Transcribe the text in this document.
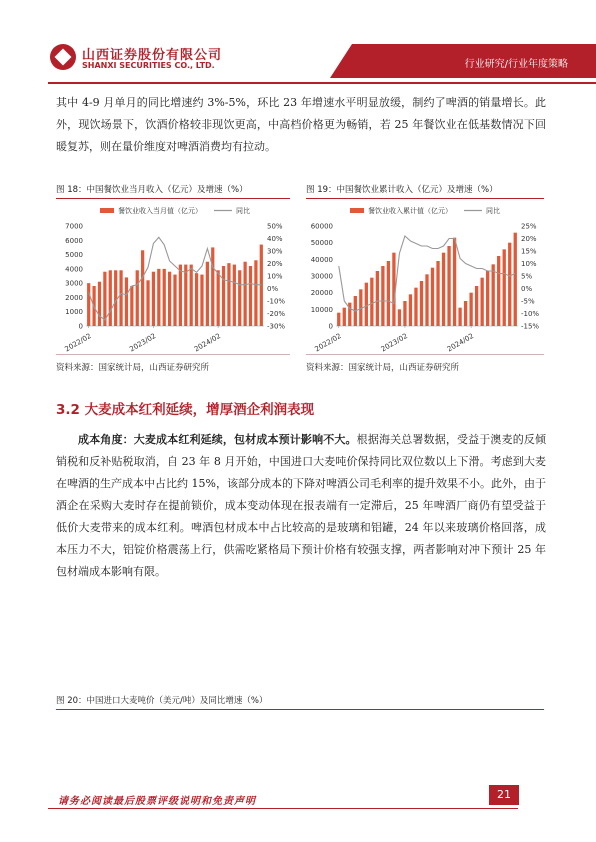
山西证券股份有限公司
SHANXI SECURITIES CO., LTD.	行业研究/行业年度策略
其中 4-9 月单月的同比增速约 3%-5%，环比 23 年增速水平明显放缓，制约了啤酒的销量增长。此外，现饮场景下，饮酒价格较非现饮更高，中高档价格更为畅销，若 25 年餐饮业在低基数情况下回暖复苏，则在量价维度对啤酒消费均有拉动。
图 18：中国餐饮业当月收入（亿元）及增速（%）
餐饮业收入当月值（亿元）	同比
0
1000
2000
3000
4000
5000
6000
7000
-30%
-20%
-10%
0%
10%
20%
30%
40%
50%
2022/02	2023/02	2024/02
资料来源：国家统计局，山西证券研究所
图 19：中国餐饮业累计收入（亿元）及增速（%）
餐饮业收入累计值（亿元）	同比
0
10000
20000
30000
40000
50000
60000
-15%
-10%
-5%
0%
5%
10%
15%
20%
25%
2022/02	2023/02	2024/02
资料来源：国家统计局，山西证券研究所
3.2 大麦成本红利延续，增厚酒企利润表现
成本角度：大麦成本红利延续，包材成本预计影响不大。根据海关总署数据，受益于澳麦的反倾销税和反补贴税取消，自 23 年 8 月开始，中国进口大麦吨价保持同比双位数以上下滑。考虑到大麦在啤酒的生产成本中占比约 15%，该部分成本的下降对啤酒公司毛利率的提升效果不小。此外，由于酒企在采购大麦时存在提前锁价，成本变动体现在报表端有一定滞后，25 年啤酒厂商仍有望受益于低价大麦带来的成本红利。啤酒包材成本中占比较高的是玻璃和铝罐，24 年以来玻璃价格回落，成本压力不大，铝锭价格震荡上行，供需吃紧格局下预计价格有较强支撑，两者影响对冲下预计 25 年包材端成本影响有限。
图 20：中国进口大麦吨价（美元/吨）及同比增速（%）
请务必阅读最后股票评级说明和免责声明
21
